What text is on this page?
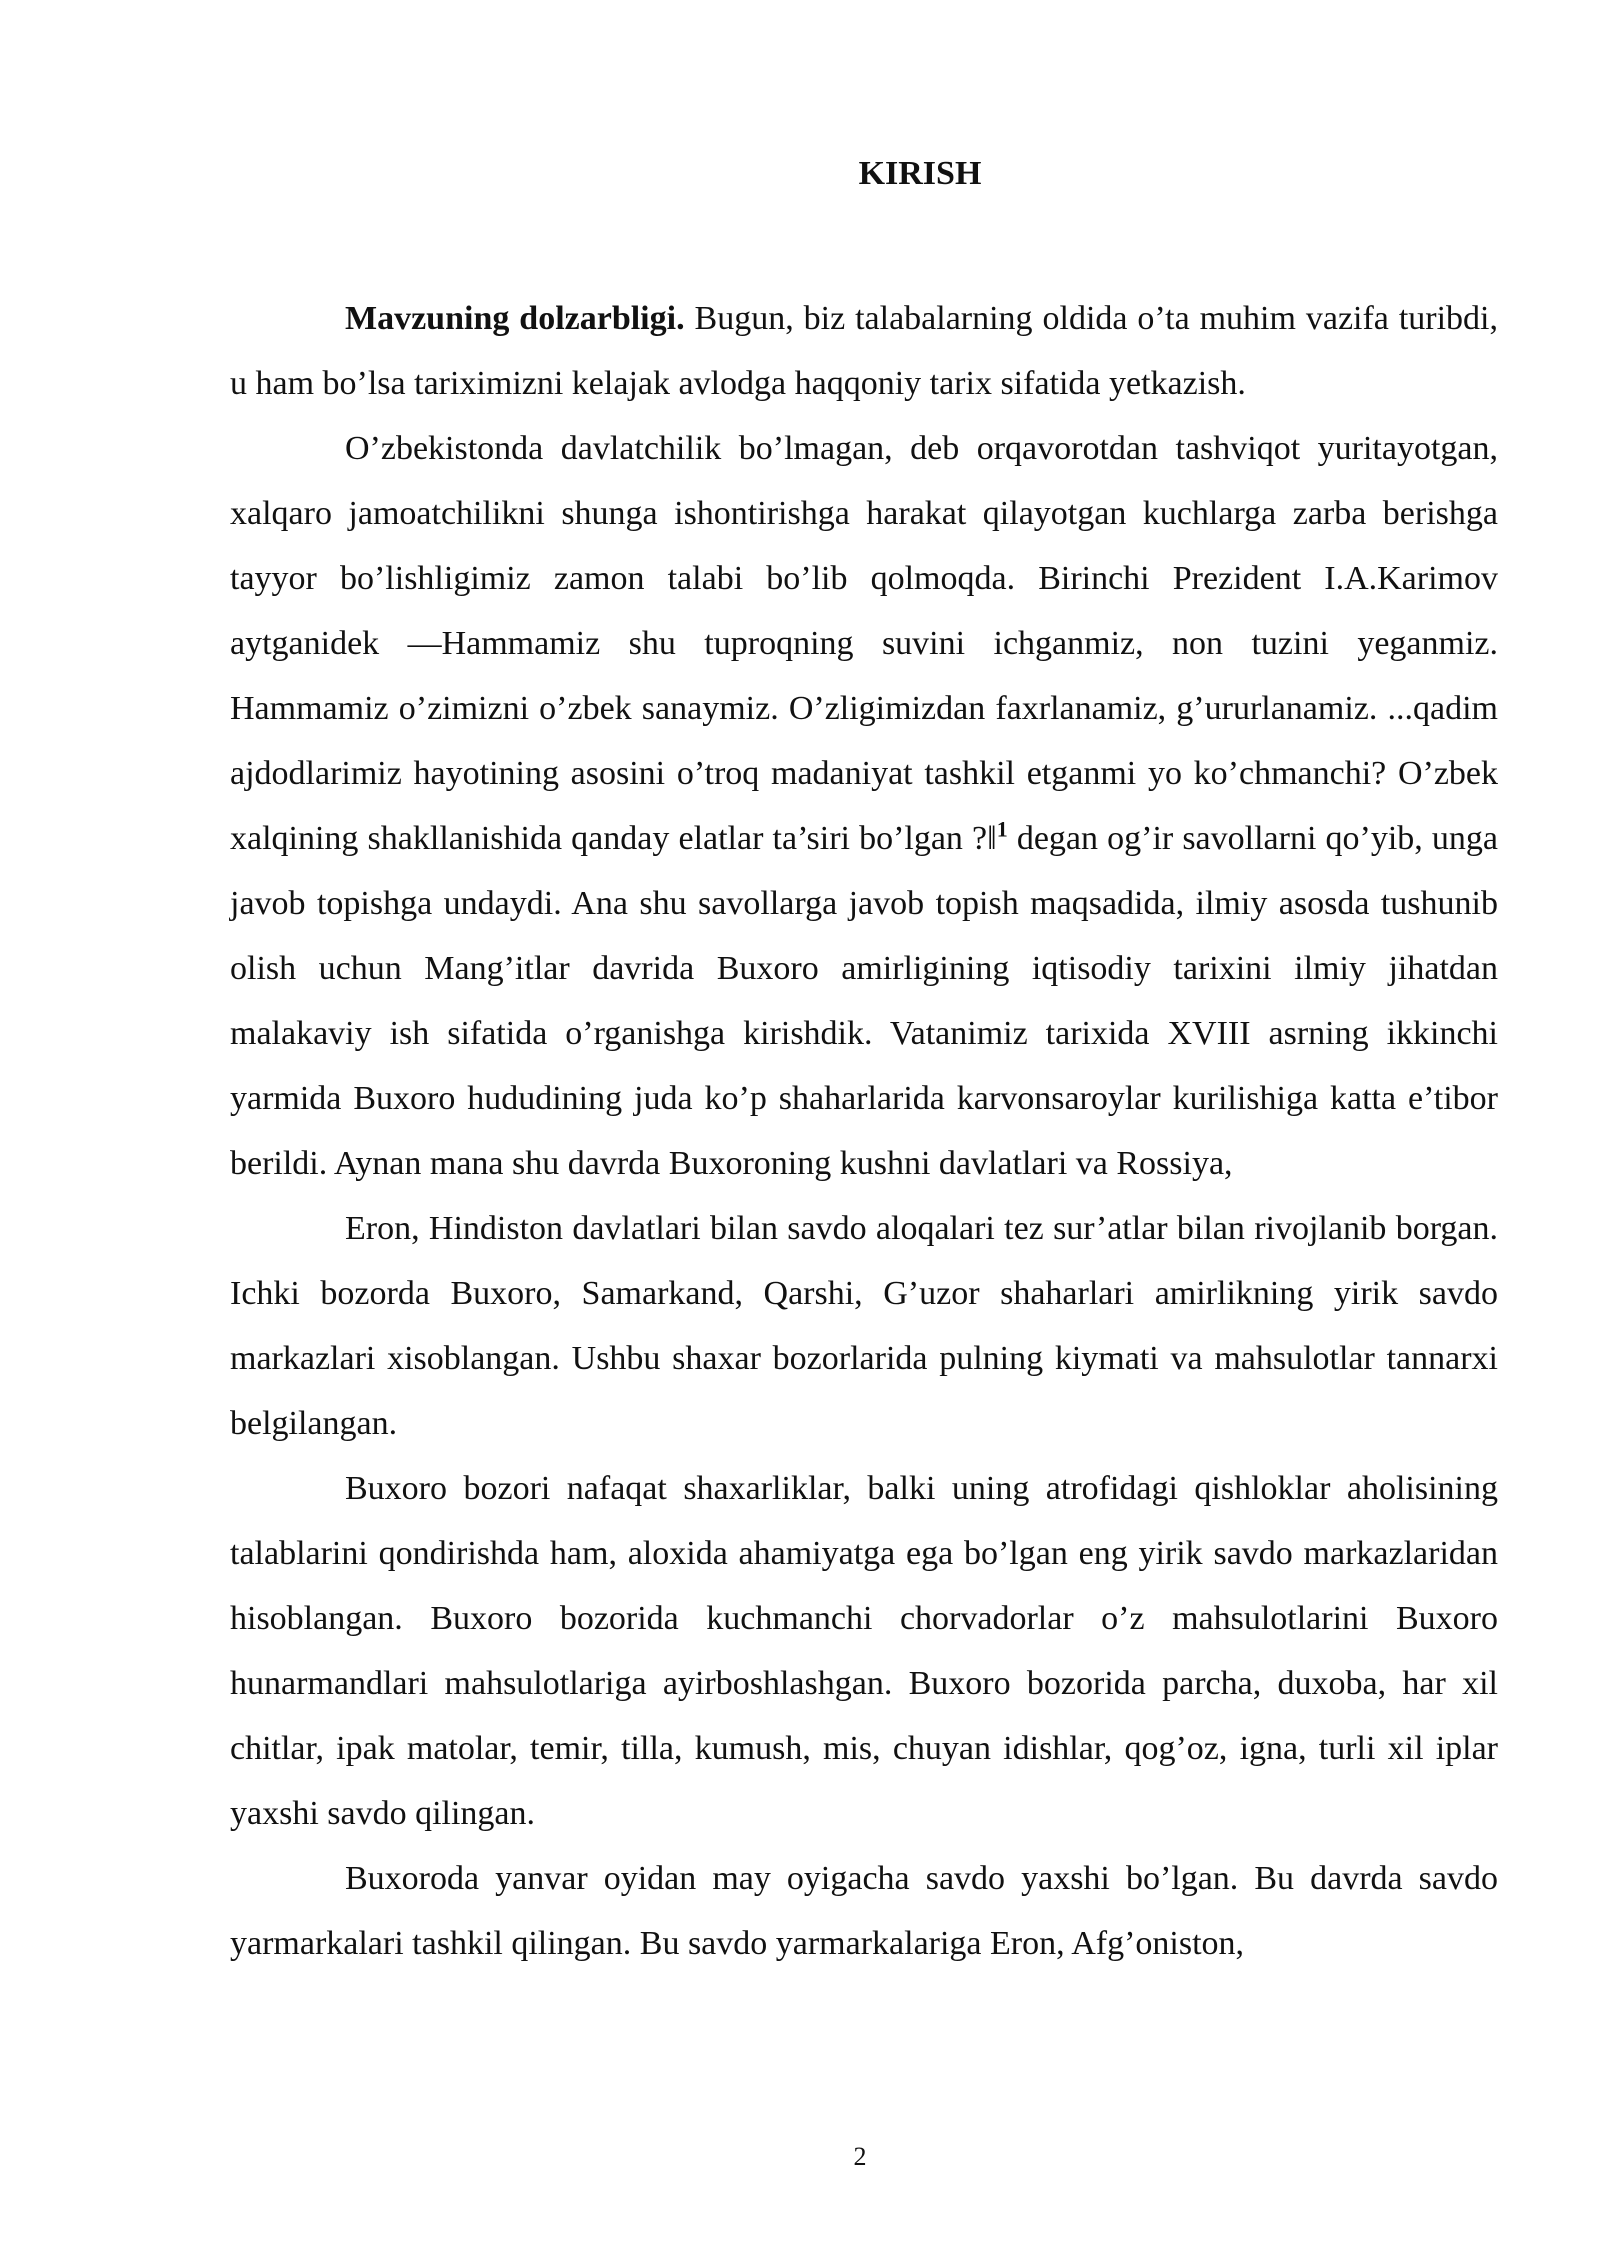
KIRISH

Mavzuning dolzarbligi. Bugun, biz talabalarning oldida o’ta muhim vazifa turibdi, u ham bo’lsa tariximizni kelajak avlodga haqqoniy tarix sifatida yetkazish.

O’zbekistonda davlatchilik bo’lmagan, deb orqavorotdan tashviqot yuritayotgan, xalqaro jamoatchilikni shunga ishontirishga harakat qilayotgan kuchlarga zarba berishga tayyor bo’lishligimiz zamon talabi bo’lib qolmoqda. Birinchi Prezident I.A.Karimov aytganidek ―Hammamiz shu tuproqning suvini ichganmiz, non tuzini yeganmiz. Hammamiz o’zimizni o’zbek sanaymiz. O’zligimizdan faxrlanamiz, g’ururlanamiz. ...qadim ajdodlarimiz hayotining asosini o’troq madaniyat tashkil etganmi yo ko’chmanchi? O’zbek xalqining shakllanishida qanday elatlar ta’siri bo’lgan ?‖$^1$ degan og’ir savollarni qo’yib, unga javob topishga undaydi. Ana shu savollarga javob topish maqsadida, ilmiy asosda tushunib olish uchun Mang’itlar davrida Buxoro amirligining iqtisodiy tarixini ilmiy jihatdan malakaviy ish sifatida o’rganishga kirishdik. Vatanimiz tarixida XVIII asrning ikkinchi yarmida Buxoro hududining juda ko’p shaharlarida karvonsaroylar kurilishiga katta e’tibor berildi. Aynan mana shu davrda Buxoroning kushni davlatlari va Rossiya,

Eron, Hindiston davlatlari bilan savdo aloqalari tez sur’atlar bilan rivojlanib borgan. Ichki bozorda Buxoro, Samarkand, Qarshi, G’uzor shaharlari amirlikning yirik savdo markazlari xisoblangan. Ushbu shaxar bozorlarida pulning kiymati va mahsulotlar tannarxi belgilangan.

Buxoro bozori nafaqat shaxarliklar, balki uning atrofidagi qishloklar aholisining talablarini qondirishda ham, aloxida ahamiyatga ega bo’lgan eng yirik savdo markazlaridan hisoblangan. Buxoro bozorida kuchmanchi chorvadorlar o’z mahsulotlarini Buxoro hunarmandlari mahsulotlariga ayirboshlashgan. Buxoro bozorida parcha, duxoba, har xil chitlar, ipak matolar, temir, tilla, kumush, mis, chuyan idishlar, qog’oz, igna, turli xil iplar yaxshi savdo qilingan.

Buxoroda yanvar oyidan may oyigacha savdo yaxshi bo’lgan. Bu davrda savdo yarmarkalari tashkil qilingan. Bu savdo yarmarkalariga Eron, Afg’oniston,

2
